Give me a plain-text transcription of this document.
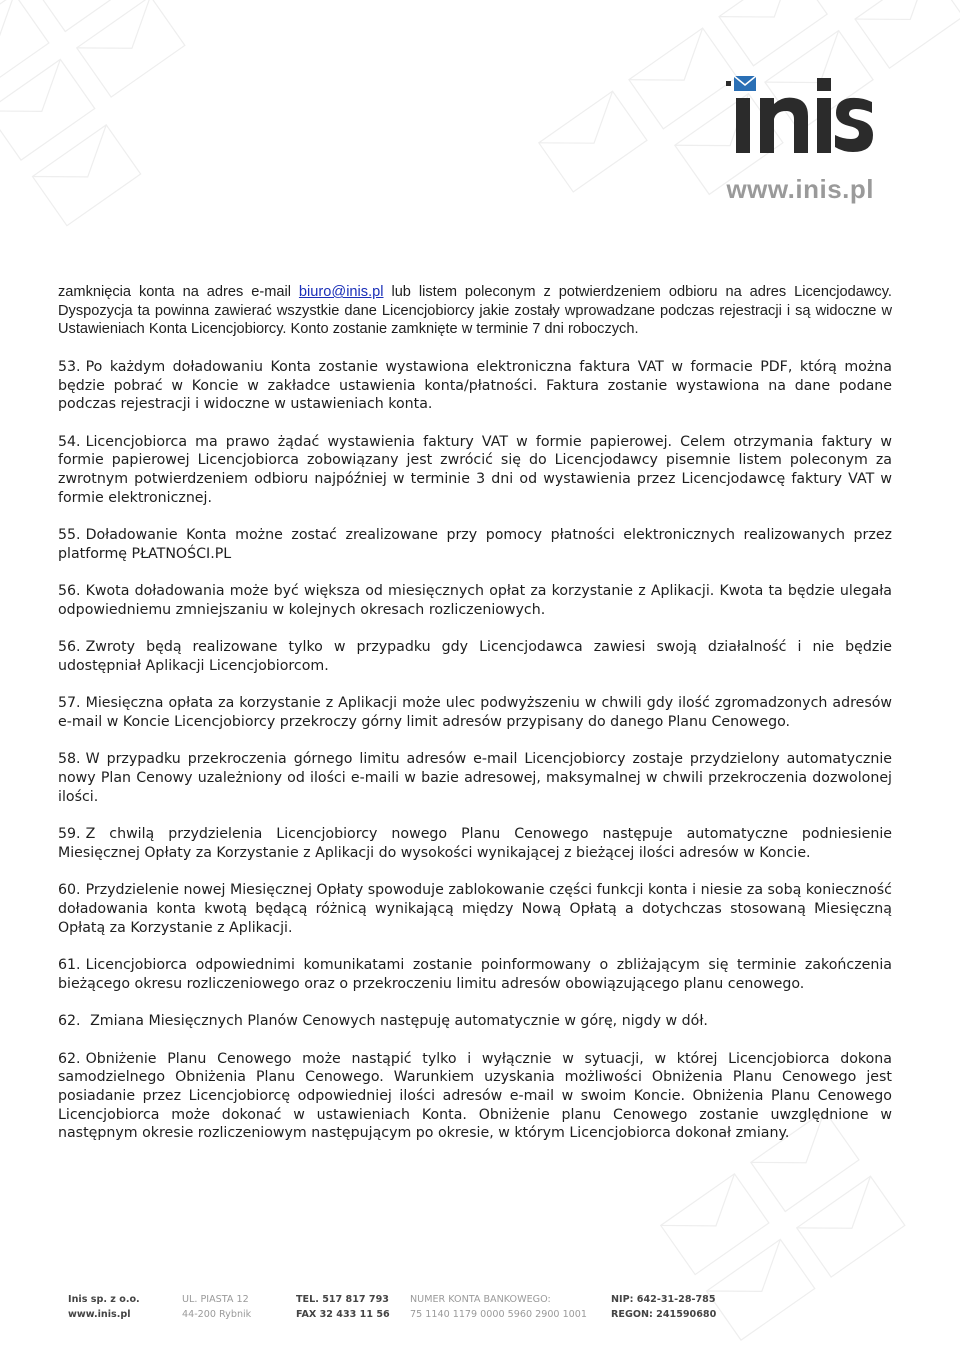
www.inis.pl

zamknięcia konta na adres e-mail biuro@inis.pl lub listem poleconym z potwierdzeniem odbioru na adres Licencjodawcy. Dyspozycja ta powinna zawierać wszystkie dane Licencjobiorcy jakie zostały wprowadzane podczas rejestracji i są widoczne w Ustawieniach Konta Licencjobiorcy. Konto zostanie zamknięte w terminie 7 dni roboczych.

53. Po każdym doładowaniu Konta zostanie wystawiona elektroniczna faktura VAT w formacie PDF, którą można będzie pobrać w Koncie w zakładce ustawienia konta/płatności. Faktura zostanie wystawiona na dane podane podczas rejestracji i widoczne w ustawieniach konta.

54. Licencjobiorca ma prawo żądać wystawienia faktury VAT w formie papierowej. Celem otrzymania faktury w formie papierowej Licencjobiorca zobowiązany jest zwrócić się do Licencjodawcy pisemnie listem poleconym za zwrotnym potwierdzeniem odbioru najpóźniej w terminie 3 dni od wystawienia przez Licencjodawcę faktury VAT w formie elektronicznej.

55. Doładowanie Konta możne zostać zrealizowane przy pomocy płatności elektronicznych realizowanych przez platformę PŁATNOŚCI.PL

56. Kwota doładowania może być większa od miesięcznych opłat za korzystanie z Aplikacji. Kwota ta będzie ulegała odpowiedniemu zmniejszaniu w kolejnych okresach rozliczeniowych.

56. Zwroty będą realizowane tylko w przypadku gdy Licencjodawca zawiesi swoją działalność i nie będzie udostępniał Aplikacji Licencjobiorcom.

57. Miesięczna opłata za korzystanie z Aplikacji może ulec podwyższeniu w chwili gdy ilość zgromadzonych adresów e-mail w Koncie Licencjobiorcy przekroczy górny limit adresów przypisany do danego Planu Cenowego.

58. W przypadku przekroczenia górnego limitu adresów e-mail Licencjobiorcy zostaje przydzielony automatycznie nowy Plan Cenowy uzależniony od ilości e-maili w bazie adresowej, maksymalnej w chwili przekroczenia dozwolonej ilości.

59. Z chwilą przydzielenia Licencjobiorcy nowego Planu Cenowego następuje automatyczne podniesienie Miesięcznej Opłaty za Korzystanie z Aplikacji do wysokości wynikającej z bieżącej ilości adresów w Koncie.

60. Przydzielenie nowej Miesięcznej Opłaty spowoduje zablokowanie części funkcji konta i niesie za sobą konieczność doładowania konta kwotą będącą różnicą wynikającą między Nową Opłatą a dotychczas stosowaną Miesięczną Opłatą za Korzystanie z Aplikacji.

61. Licencjobiorca odpowiednimi komunikatami zostanie poinformowany o zbliżającym się terminie zakończenia bieżącego okresu rozliczeniowego oraz o przekroczeniu limitu adresów obowiązującego planu cenowego.

62. Zmiana Miesięcznych Planów Cenowych następuję automatycznie w górę, nigdy w dół.

62. Obniżenie Planu Cenowego może nastąpić tylko i wyłącznie w sytuacji, w której Licencjobiorca dokona samodzielnego Obniżenia Planu Cenowego. Warunkiem uzyskania możliwości Obniżenia Planu Cenowego jest posiadanie przez Licencjobiorcę odpowiedniej ilości adresów e-mail w swoim Koncie. Obniżenia Planu Cenowego Licencjobiorca może dokonać w ustawieniach Konta. Obniżenie planu Cenowego zostanie uwzględnione w następnym okresie rozliczeniowym następującym po okresie, w którym Licencjobiorca dokonał zmiany.

Inis sp. z o.o.
www.inis.pl
UL. PIASTA 12
44-200 Rybnik
TEL. 517 817 793
FAX 32 433 11 56
NUMER KONTA BANKOWEGO:
75 1140 1179 0000 5960 2900 1001
NIP: 642-31-28-785
REGON: 241590680
